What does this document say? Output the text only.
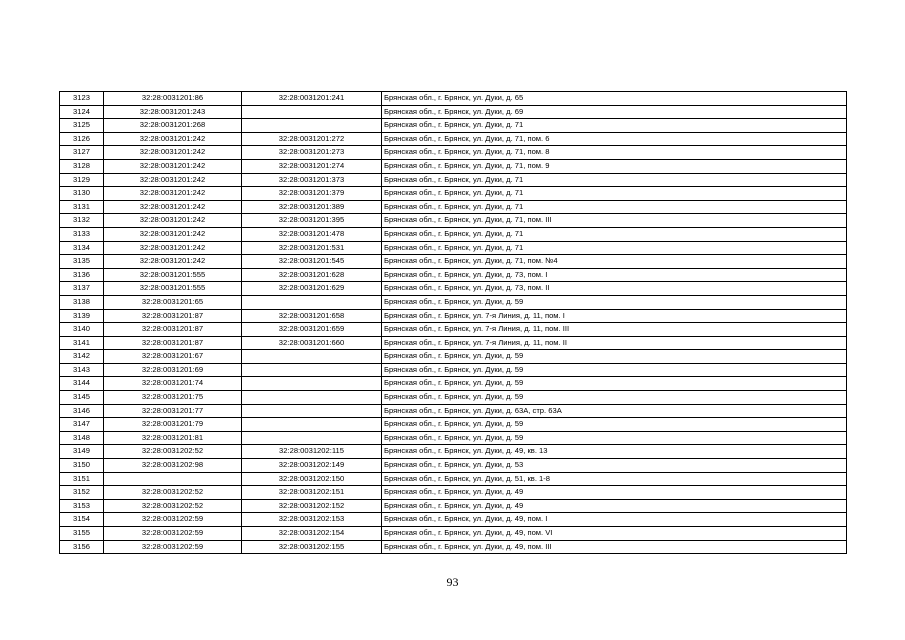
3123	32:28:0031201:86	32:28:0031201:241	Брянская обл., г. Брянск, ул. Дуки, д. 65
3124	32:28:0031201:243		Брянская обл., г. Брянск, ул. Дуки, д. 69
3125	32:28:0031201:268		Брянская обл., г. Брянск, ул. Дуки, д. 71
3126	32:28:0031201:242	32:28:0031201:272	Брянская обл., г. Брянск, ул. Дуки, д. 71, пом. 6
3127	32:28:0031201:242	32:28:0031201:273	Брянская обл., г. Брянск, ул. Дуки, д. 71, пом. 8
3128	32:28:0031201:242	32:28:0031201:274	Брянская обл., г. Брянск, ул. Дуки, д. 71, пом. 9
3129	32:28:0031201:242	32:28:0031201:373	Брянская обл., г. Брянск, ул. Дуки, д. 71
3130	32:28:0031201:242	32:28:0031201:379	Брянская обл., г. Брянск, ул. Дуки, д. 71
3131	32:28:0031201:242	32:28:0031201:389	Брянская обл., г. Брянск, ул. Дуки, д. 71
3132	32:28:0031201:242	32:28:0031201:395	Брянская обл., г. Брянск, ул. Дуки, д. 71, пом. III
3133	32:28:0031201:242	32:28:0031201:478	Брянская обл., г. Брянск, ул. Дуки, д. 71
3134	32:28:0031201:242	32:28:0031201:531	Брянская обл., г. Брянск, ул. Дуки, д. 71
3135	32:28:0031201:242	32:28:0031201:545	Брянская обл., г. Брянск, ул. Дуки, д. 71, пом. №4
3136	32:28:0031201:555	32:28:0031201:628	Брянская обл., г. Брянск, ул. Дуки, д. 73, пом. I
3137	32:28:0031201:555	32:28:0031201:629	Брянская обл., г. Брянск, ул. Дуки, д. 73, пом. II
3138	32:28:0031201:65		Брянская обл., г. Брянск, ул. Дуки, д. 59
3139	32:28:0031201:87	32:28:0031201:658	Брянская обл., г. Брянск, ул. 7-я Линия, д. 11, пом. I
3140	32:28:0031201:87	32:28:0031201:659	Брянская обл., г. Брянск, ул. 7-я Линия, д. 11, пом. III
3141	32:28:0031201:87	32:28:0031201:660	Брянская обл., г. Брянск, ул. 7-я Линия, д. 11, пом. II
3142	32:28:0031201:67		Брянская обл., г. Брянск, ул. Дуки, д. 59
3143	32:28:0031201:69		Брянская обл., г. Брянск, ул. Дуки, д. 59
3144	32:28:0031201:74		Брянская обл., г. Брянск, ул. Дуки, д. 59
3145	32:28:0031201:75		Брянская обл., г. Брянск, ул. Дуки, д. 59
3146	32:28:0031201:77		Брянская обл., г. Брянск, ул. Дуки, д. 63А, стр. 63А
3147	32:28:0031201:79		Брянская обл., г. Брянск, ул. Дуки, д. 59
3148	32:28:0031201:81		Брянская обл., г. Брянск, ул. Дуки, д. 59
3149	32:28:0031202:52	32:28:0031202:115	Брянская обл., г. Брянск, ул. Дуки, д. 49, кв. 13
3150	32:28:0031202:98	32:28:0031202:149	Брянская обл., г. Брянск, ул. Дуки, д. 53
3151		32:28:0031202:150	Брянская обл., г. Брянск, ул. Дуки, д. 51, кв. 1-8
3152	32:28:0031202:52	32:28:0031202:151	Брянская обл., г. Брянск, ул. Дуки, д. 49
3153	32:28:0031202:52	32:28:0031202:152	Брянская обл., г. Брянск, ул. Дуки, д. 49
3154	32:28:0031202:59	32:28:0031202:153	Брянская обл., г. Брянск, ул. Дуки, д. 49, пом. I
3155	32:28:0031202:59	32:28:0031202:154	Брянская обл., г. Брянск, ул. Дуки, д. 49, пом. VI
3156	32:28:0031202:59	32:28:0031202:155	Брянская обл., г. Брянск, ул. Дуки, д. 49, пом. III
93
